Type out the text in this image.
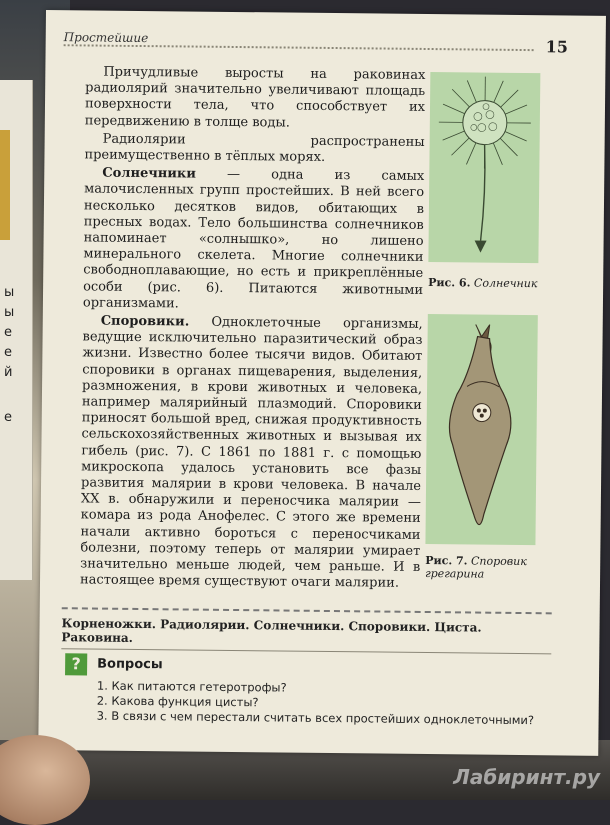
ы
ы
е
е
й
е
Простейшие	15

Причудливые выросты на раковинах радиолярий значительно увеличивают площадь поверхности тела, что способствует их передвижению в толще воды.

Радиолярии распространены преимущественно в тёплых морях.

Солнечники — одна из самых малочисленных групп простейших. В ней всего несколько десятков видов, обитающих в пресных водах. Тело большинства солнечников напоминает «солнышко», но лишено минерального скелета. Многие солнечники свободноплавающие, но есть и прикреплённые особи (рис. 6). Питаются животными организмами.

Споровики. Одноклеточные организмы, ведущие исключительно паразитический образ жизни. Известно более тысячи видов. Обитают споровики в органах пищеварения, выделения, размножения, в крови животных и человека, например малярийный плазмодий. Споровики приносят большой вред, снижая продуктивность сельскохозяйственных животных и вызывая их гибель (рис. 7). С 1861 по 1881 г. с помощью микроскопа удалось установить все фазы развития малярии в крови человека. В начале XX в. обнаружили и переносчика малярии — комара из рода Анофелес. С этого же времени начали активно бороться с переносчиками болезни, поэтому теперь от малярии умирает значительно меньше людей, чем раньше. И в настоящее время существуют очаги малярии.

Рис. 6. Солнечник
Рис. 7. Споровик грегарина
Корненожки. Радиолярии. Солнечники. Споровики. Циста. Раковина.
?	Вопросы
1. Как питаются гетеротрофы?
2. Какова функция цисты?
3. В связи с чем перестали считать всех простейших одноклеточными?
Лабиринт.ру
